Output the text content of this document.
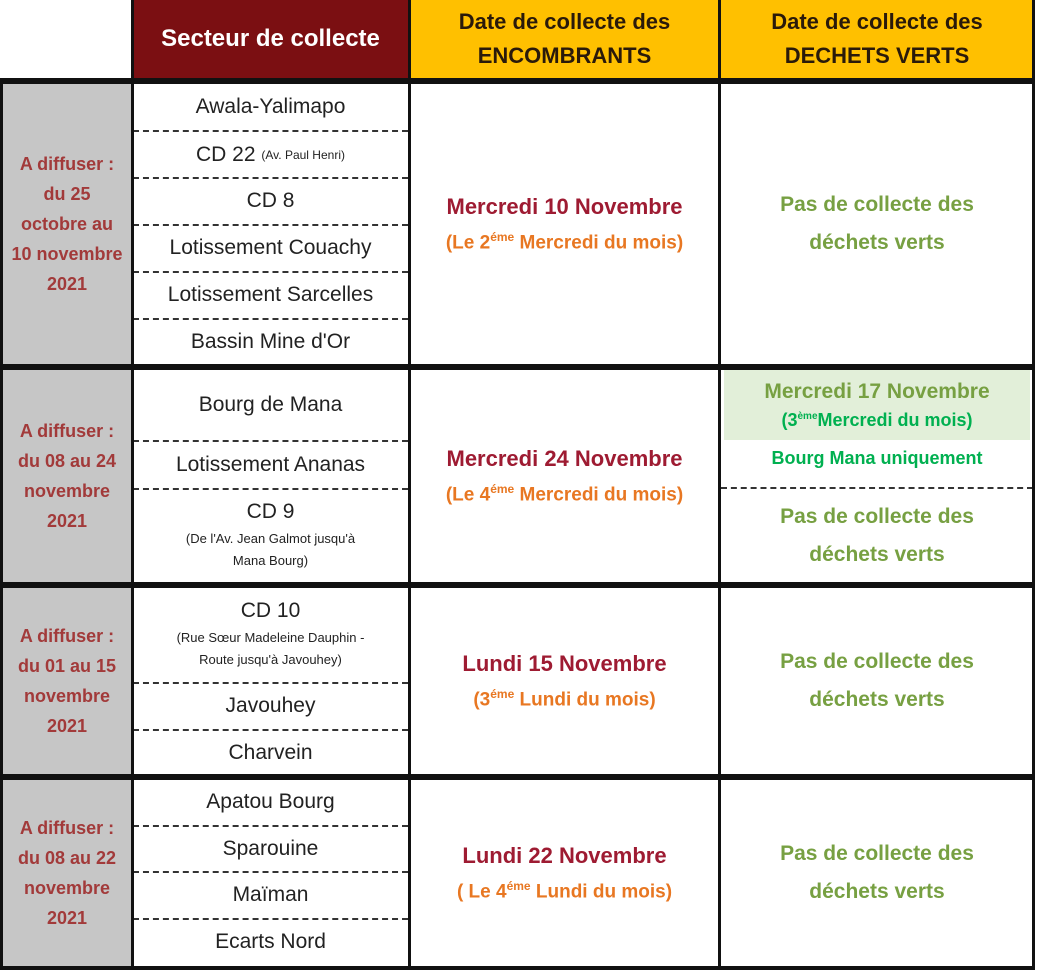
Secteur de collecte
Date de collecte des
ENCOMBRANTS
Date de collecte des
DECHETS VERTS
A diffuser :
du 25
octobre au
10 novembre
2021
A diffuser :
du 08 au 24
novembre
2021
A diffuser :
du 01 au 15
novembre
2021
A diffuser :
du 08 au 22
novembre
2021
Awala-Yalimapo
CD 22
(Av. Paul Henri)
CD 8
Lotissement Couachy
Lotissement Sarcelles
Bassin Mine d'Or
Bourg de Mana
Lotissement Ananas
CD 9
(De l'Av. Jean Galmot jusqu'à
Mana Bourg)
CD 10
(Rue Sœur Madeleine Dauphin -
Route jusqu'à Javouhey)
Javouhey
Charvein
Apatou Bourg
Sparouine
Maïman
Ecarts Nord
Mercredi 10 Novembre
(Le $2^{éme}$ Mercredi du mois)
Mercredi 24 Novembre
(Le $4^{éme}$ Mercredi du mois)
Lundi 15 Novembre
($3^{éme}$ Lundi du mois)
Lundi 22 Novembre
( Le $4^{éme}$ Lundi du mois)
Pas de collecte des
déchets verts
Mercredi 17 Novembre
(3èmeMercredi du mois)
Bourg Mana uniquement
Pas de collecte des
déchets verts
Pas de collecte des
déchets verts
Pas de collecte des
déchets verts
